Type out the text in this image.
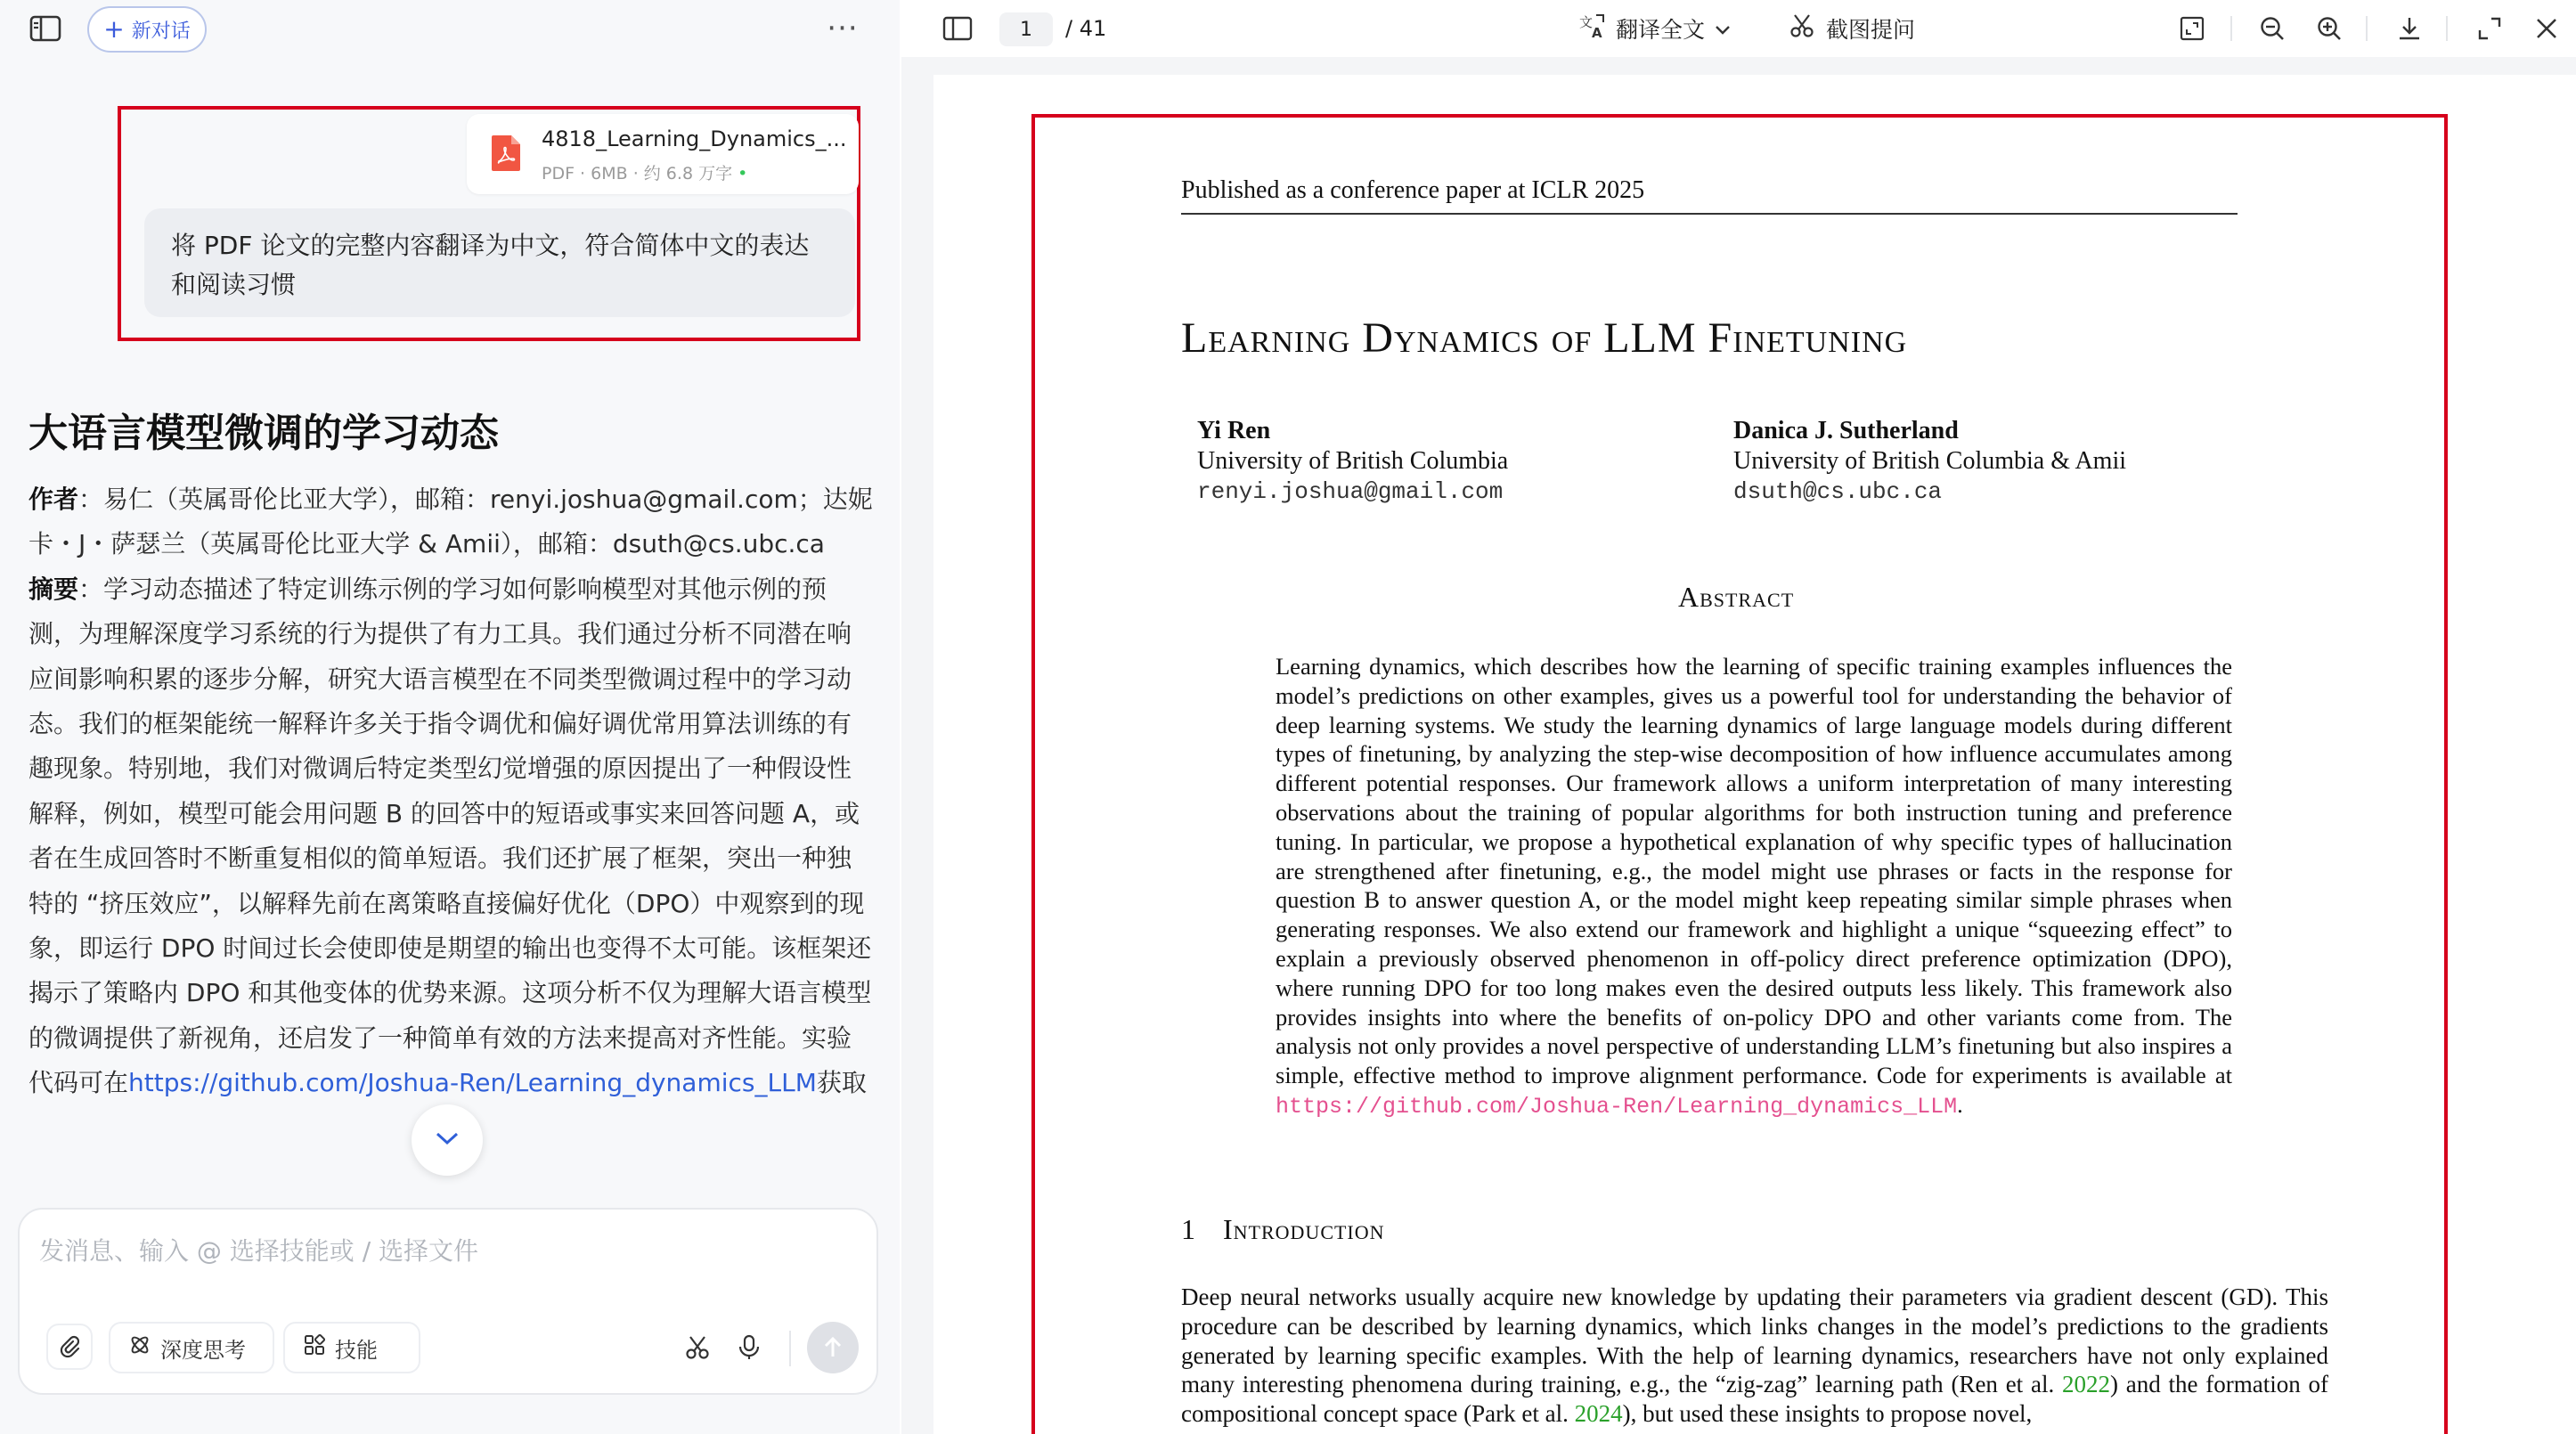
+ 新对话	···
4818_Learning_Dynamics_...
PDF · 6MB · 约 6.8 万字 •
将 PDF 论文的完整内容翻译为中文，符合简体中文的表达和阅读习惯
大语言模型微调的学习动态

作者：易仁（英属哥伦比亚大学），邮箱：renyi.joshua@gmail.com；达妮卡・J・萨瑟兰（英属哥伦比亚大学 & Amii），邮箱：dsuth@cs.ubc.ca

摘要：学习动态描述了特定训练示例的学习如何影响模型对其他示例的预测，为理解深度学习系统的行为提供了有力工具。我们通过分析不同潜在响应间影响积累的逐步分解，研究大语言模型在不同类型微调过程中的学习动态。我们的框架能统一解释许多关于指令调优和偏好调优常用算法训练的有趣现象。特别地，我们对微调后特定类型幻觉增强的原因提出了一种假设性解释，例如，模型可能会用问题 B 的回答中的短语或事实来回答问题 A，或者在生成回答时不断重复相似的简单短语。我们还扩展了框架，突出一种独特的 “挤压效应”，以解释先前在离策略直接偏好优化（DPO）中观察到的现象，即运行 DPO 时间过长会使即使是期望的输出也变得不太可能。该框架还揭示了策略内 DPO 和其他变体的优势来源。这项分析不仅为理解大语言模型的微调提供了新视角，还启发了一种简单有效的方法来提高对齐性能。实验代码可在https://github.com/Joshua-Ren/Learning_dynamics_LLM获取

发消息、输入 @ 选择技能或 / 选择文件
深度思考	技能
1
/ 41	文
A 翻译全文	截图提问
Published as a conference paper at ICLR 2025
Learning Dynamics of LLM Finetuning
Yi Ren
University of British Columbia
renyi.joshua@gmail.com
Danica J. Sutherland
University of British Columbia & Amii
dsuth@cs.ubc.ca
Abstract
Learning dynamics, which describes how the learning of specific training examples influences the model’s predictions on other examples, gives us a powerful tool for understanding the behavior of deep learning systems. We study the learning dynamics of large language models during different types of finetuning, by analyzing the step-wise decomposition of how influence accumulates among different potential responses. Our framework allows a uniform interpretation of many interesting observations about the training of popular algorithms for both instruction tuning and preference tuning. In particular, we propose a hypothetical explanation of why specific types of hallucination are strengthened after finetuning, e.g., the model might use phrases or facts in the response for question B to answer question A, or the model might keep repeating similar simple phrases when generating responses. We also extend our framework and highlight a unique “squeezing effect” to explain a previously observed phenomenon in off-policy direct preference optimization (DPO), where running DPO for too long makes even the desired outputs less likely. This framework also provides insights into where the benefits of on-policy DPO and other variants come from. The analysis not only provides a novel perspective of understanding LLM’s finetuning but also inspires a simple, effective method to improve alignment performance. Code for experiments is available at https://github.com/Joshua-Ren/Learning_dynamics_LLM.
1 Introduction
Deep neural networks usually acquire new knowledge by updating their parameters via gradient descent (GD). This procedure can be described by learning dynamics, which links changes in the model’s predictions to the gradients generated by learning specific examples. With the help of learning dynamics, researchers have not only explained many interesting phenomena during training, e.g., the “zig-zag” learning path (Ren et al. 2022) and the formation of compositional concept space (Park et al. 2024), but used these insights to propose novel,
